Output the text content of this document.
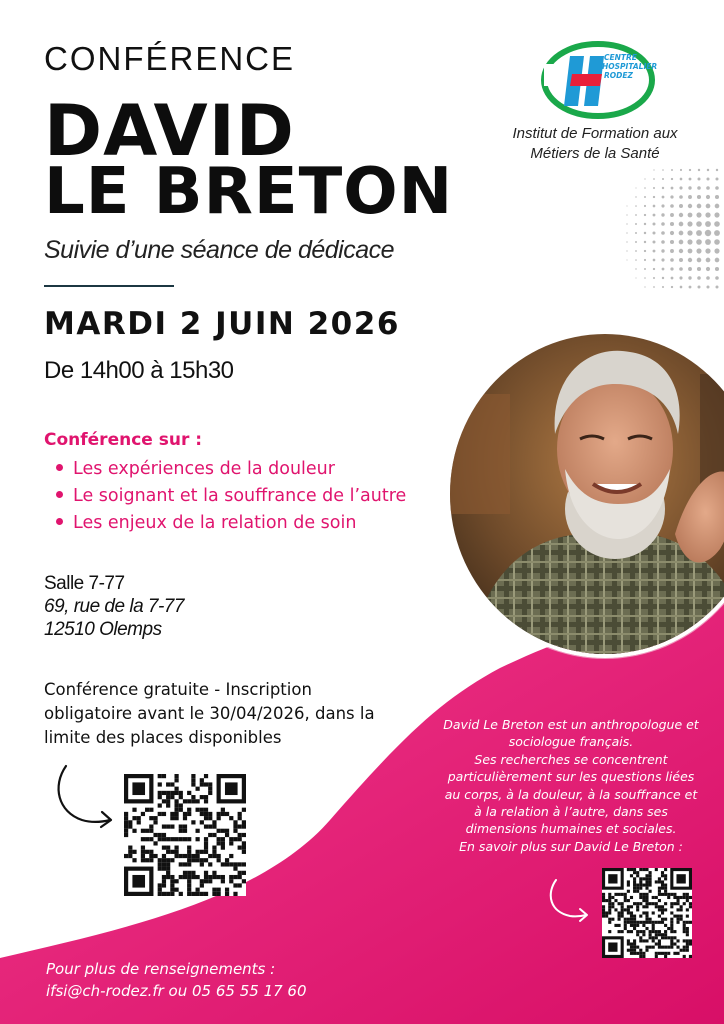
CONFÉRENCE
DAVID
LE BRETON
Suivie d’une séance de dédicace
MARDI 2 JUIN 2026
De 14h00 à 15h30
Conférence sur :
Les expériences de la douleur
Le soignant et la souffrance de l’autre
Les enjeux de la relation de soin
Salle 7-77
69, rue de la 7-77
12510 Olemps
Conférence gratuite - Inscription obligatoire avant le 30/04/2026, dans la limite des places disponibles
CENTRE
HOSPITALIER
RODEZ
Institut de Formation aux
Métiers de la Santé
David Le Breton est un anthropologue et
sociologue français.
Ses recherches se concentrent
particulièrement sur les questions liées
au corps, à la douleur, à la souffrance et
à la relation à l’autre, dans ses
dimensions humaines et sociales.
En savoir plus sur David Le Breton :
Pour plus de renseignements :
ifsi@ch-rodez.fr ou 05 65 55 17 60
